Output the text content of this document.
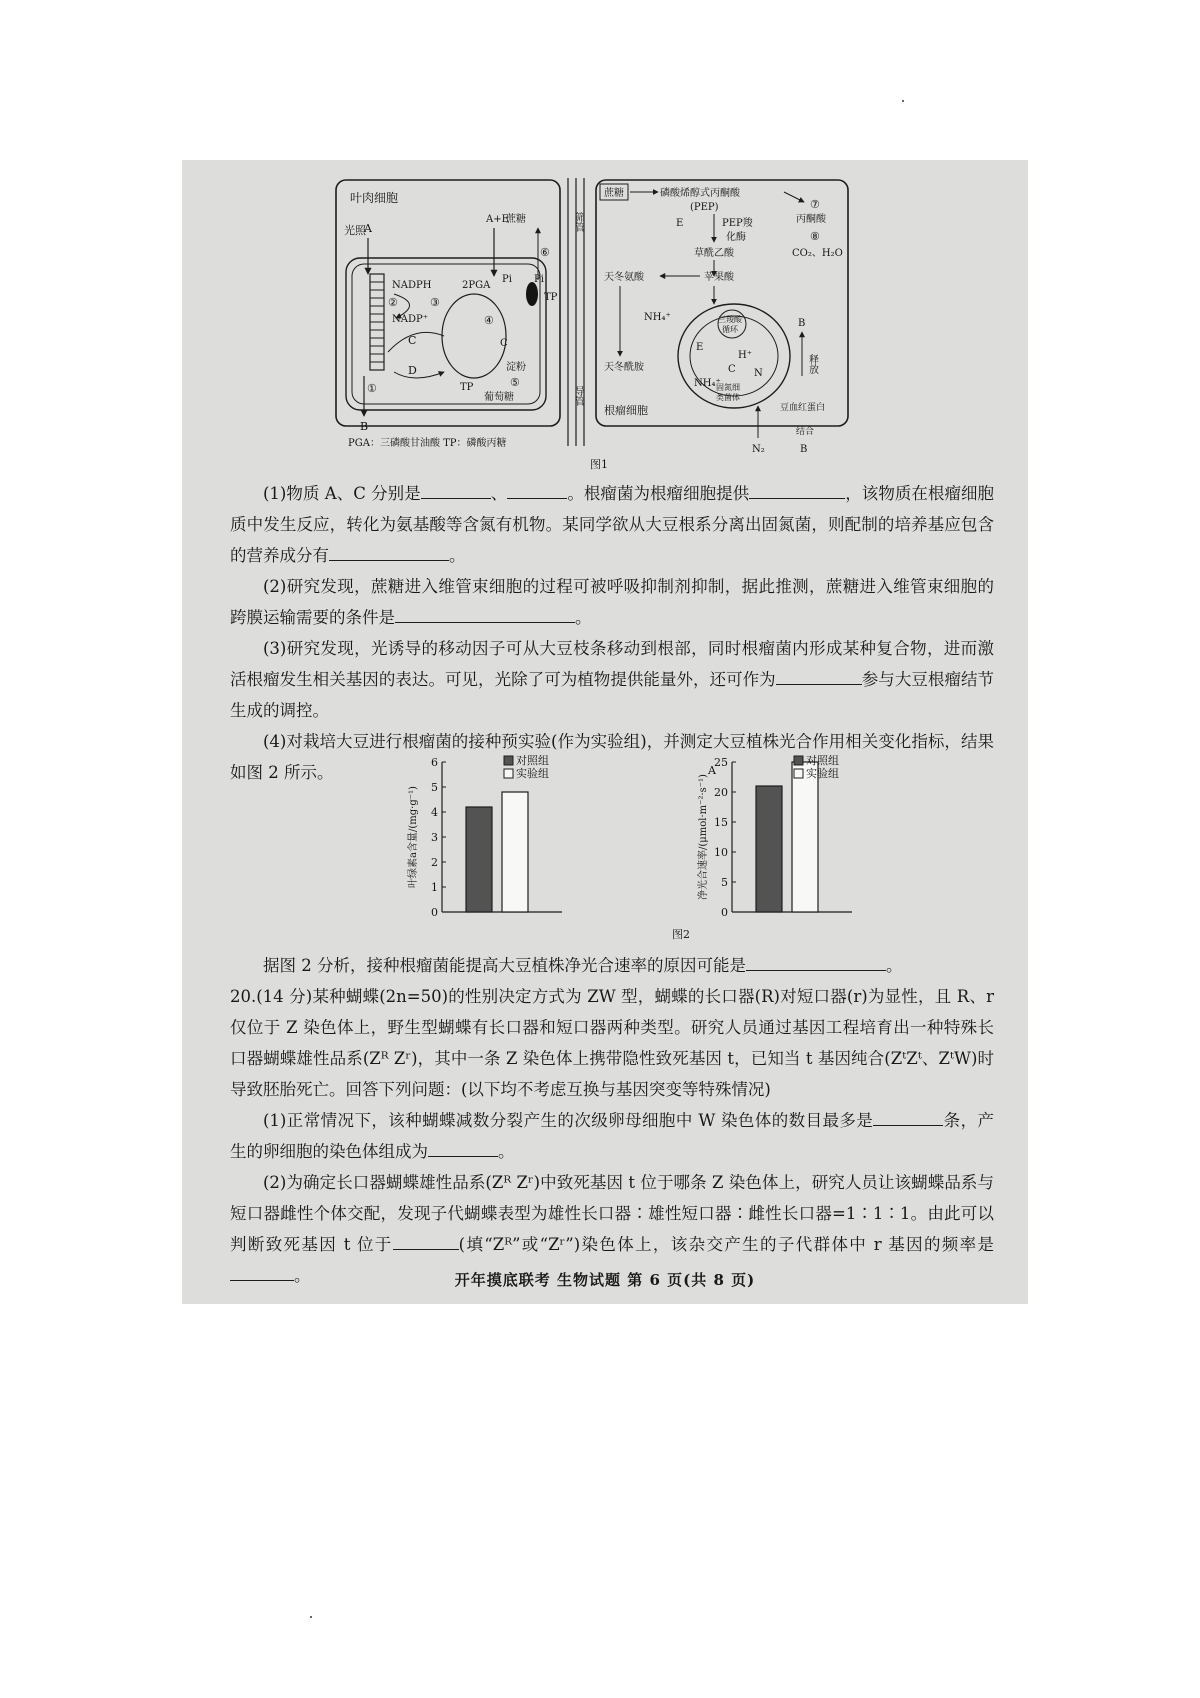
叶肉细胞
光照
A
①
B
NADPH
②	③
NADP⁺
C
D
2PGA
④
C
TP
A+E
淀粉
⑤
葡萄糖
Pi Pi
TP
蔗糖
⑥
筛管
导管
蔗糖	磷酸烯醇式丙酮酸
(PEP)
E	PEP羧
化酶
草酰乙酸
⑦
丙酮酸
⑧
CO₂、H₂O
天冬氨酸	苹果酸
NH₄⁺
天冬酰胺
三羧酸
循环
E
H⁺
C N
NH₄⁺
固氮细
类菌体
B
释放
豆血红蛋白
结合
根瘤细胞
N₂	B
PGA：三磷酸甘油酸 TP：磷酸丙糖
图1

(1)物质 A、C 分别是	、	。根瘤菌为根瘤细胞提供	，该物质在根瘤细胞质中发生反应，转化为氨基酸等含氮有机物。某同学欲从大豆根系分离出固氮菌，则配制的培养基应包含的营养成分有	。

(2)研究发现，蔗糖进入维管束细胞的过程可被呼吸抑制剂抑制，据此推测，蔗糖进入维管束细胞的跨膜运输需要的条件是	。

(3)研究发现，光诱导的移动因子可从大豆枝条移动到根部，同时根瘤菌内形成某种复合物，进而激活根瘤发生相关基因的表达。可见，光除了可为植物提供能量外，还可作为	参与大豆根瘤结节生成的调控。

(4)对栽培大豆进行根瘤菌的接种预实验(作为实验组)，并测定大豆植株光合作用相关变化指标，结果如图 2 所示。

0
1
2
3
4
5
6
叶绿素a含量/(mg·g⁻¹)
对照组
实验组
0
5
10
15
20
25
净光合速率/(μmol·m⁻²·s⁻¹)
A
对照组
实验组
图2

据图 2 分析，接种根瘤菌能提高大豆植株净光合速率的原因可能是	。

20.(14 分)某种蝴蝶(2n=50)的性别决定方式为 ZW 型，蝴蝶的长口器(R)对短口器(r)为显性，且 R、r 仅位于 Z 染色体上，野生型蝴蝶有长口器和短口器两种类型。研究人员通过基因工程培育出一种特殊长口器蝴蝶雄性品系(Zᴿ Zʳ)，其中一条 Z 染色体上携带隐性致死基因 t，已知当 t 基因纯合(ZᵗZᵗ、ZᵗW)时导致胚胎死亡。回答下列问题：(以下均不考虑互换与基因突变等特殊情况)

(1)正常情况下，该种蝴蝶减数分裂产生的次级卵母细胞中 W 染色体的数目最多是	条，产生的卵细胞的染色体组成为	。

(2)为确定长口器蝴蝶雄性品系(Zᴿ Zʳ)中致死基因 t 位于哪条 Z 染色体上，研究人员让该蝴蝶品系与短口器雌性个体交配，发现子代蝴蝶表型为雄性长口器∶雄性短口器∶雌性长口器=1∶1∶1。由此可以判断致死基因 t 位于	(填“Zᴿ”或“Zʳ”)染色体上，该杂交产生的子代群体中 r 基因的频率是。	开年摸底联考 生物试题 第 6 页(共 8 页)
